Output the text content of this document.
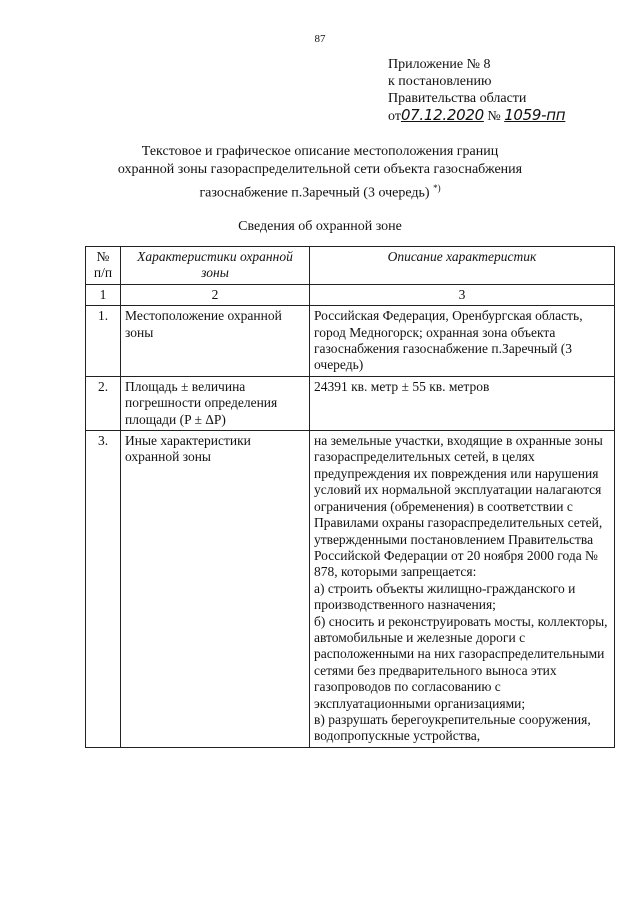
87
Приложение № 8
к постановлению
Правительства области
от07.12.2020 № 1059-пп
Текстовое и графическое описание местоположения границ
охранной зоны газораспределительной сети объекта газоснабжения
газоснабжение п.Заречный (3 очередь) *)
Сведения об охранной зоне
№ п/п	Характеристики охранной зоны	Описание характеристик
1	2	3
1.	Местоположение охранной зоны	Российская Федерация, Оренбургская область, город Медногорск; охранная зона объекта газоснабжения газоснабжение п.Заречный (3 очередь)

2.	Площадь ± величина погрешности определения площади (P ± ΔP)	24391 кв. метр ± 55 кв. метров

3.	Иные характеристики охранной зоны	на земельные участки, входящие в охранные зоны газораспределительных сетей, в целях предупреждения их повреждения или нарушения условий их нормальной эксплуатации налагаются ограничения (обременения) в соответствии с Правилами охраны газораспределительных сетей, утвержденными постановлением Правительства Российской Федерации от 20 ноября 2000 года № 878, которыми запрещается:
а) строить объекты жилищно-гражданского и производственного назначения;
б) сносить и реконструировать мосты, коллекторы, автомобильные и железные дороги с расположенными на них газораспределительными сетями без предварительного выноса этих газопроводов по согласованию с эксплуатационными организациями;
в) разрушать берегоукрепительные сооружения, водопропускные устройства,
